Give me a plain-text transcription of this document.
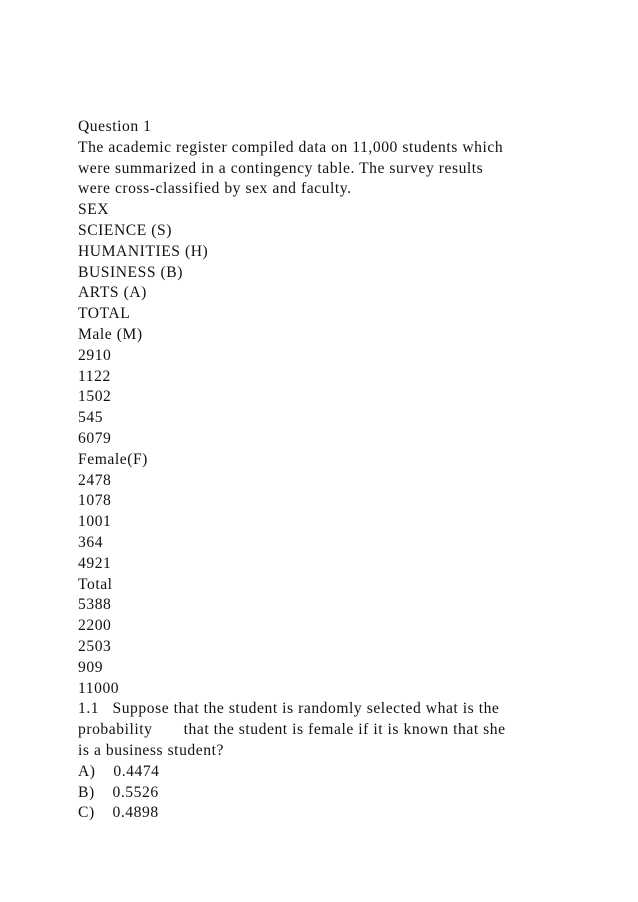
Question 1
The academic register compiled data on 11,000 students which
were summarized in a contingency table. The survey results
were cross-classified by sex and faculty.
SEX
SCIENCE (S)
HUMANITIES (H)
BUSINESS (B)
ARTS (A)
TOTAL
Male (M)
2910
1122
1502
545
6079
Female(F)
2478
1078
1001
364
4921
Total
5388
2200
2503
909
11000
1.1   Suppose that the student is randomly selected what is the
probability       that the student is female if it is known that she
is a business student?
A)    0.4474
B)    0.5526
C)    0.4898
